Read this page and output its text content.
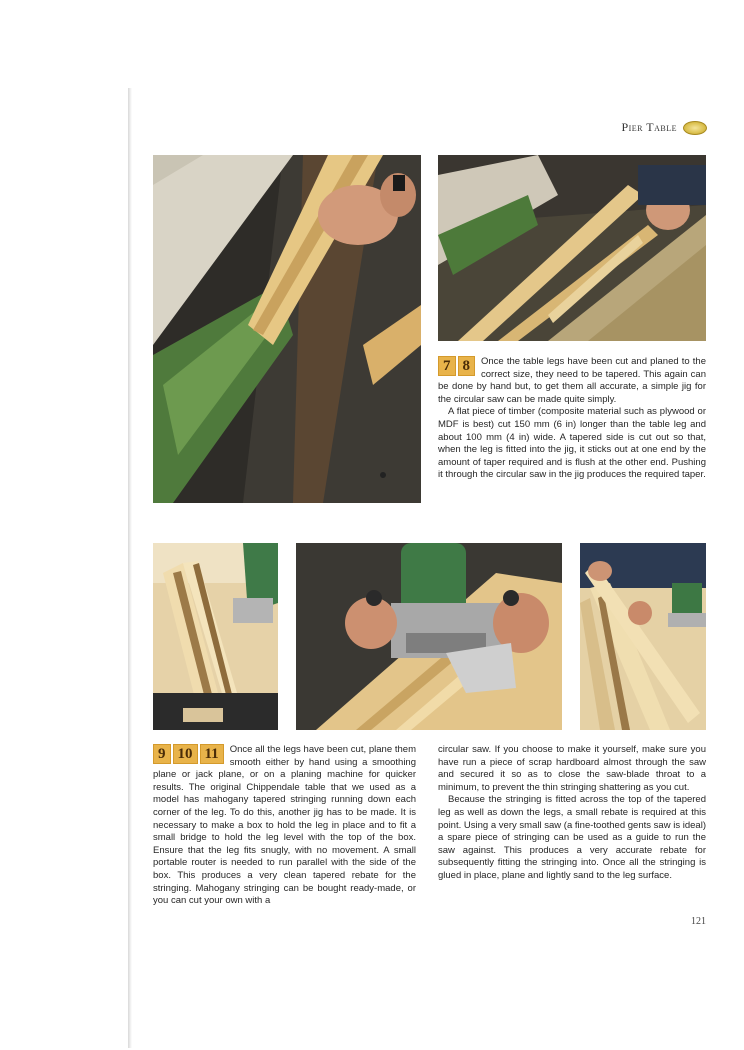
Pier Table
7 8	Once the table legs have been cut and planed to the correct size, they need to be tapered. This again can be done by hand but, to get them all accurate, a simple jig for the circular saw can be made quite simply.

A flat piece of timber (composite material such as plywood or MDF is best) cut 150 mm (6 in) longer than the table leg and about 100 mm (4 in) wide. A tapered side is cut out so that, when the leg is fitted into the jig, it sticks out at one end by the amount of taper required and is flush at the other end. Pushing it through the circular saw in the jig produces the required taper.

9 10 11	Once all the legs have been cut, plane them smooth either by hand using a smoothing plane or jack plane, or on a planing machine for quicker results. The original Chippendale table that we used as a model has mahogany tapered stringing running down each corner of the leg. To do this, another jig has to be made. It is necessary to make a box to hold the leg in place and to fit a small bridge to hold the leg level with the top of the box. Ensure that the leg fits snugly, with no movement. A small portable router is needed to run parallel with the side of the box. This produces a very clean tapered rebate for the stringing. Mahogany stringing can be bought ready-made, or you can cut your own with a

circular saw. If you choose to make it yourself, make sure you have run a piece of scrap hardboard almost through the saw and secured it so as to close the saw-blade throat to a minimum, to prevent the thin stringing shattering as you cut.

Because the stringing is fitted across the top of the tapered leg as well as down the legs, a small rebate is required at this point. Using a very small saw (a fine-toothed gents saw is ideal) a spare piece of stringing can be used as a guide to run the saw against. This produces a very accurate rebate for subsequently fitting the stringing into. Once all the stringing is glued in place, plane and lightly sand to the leg surface.

121
